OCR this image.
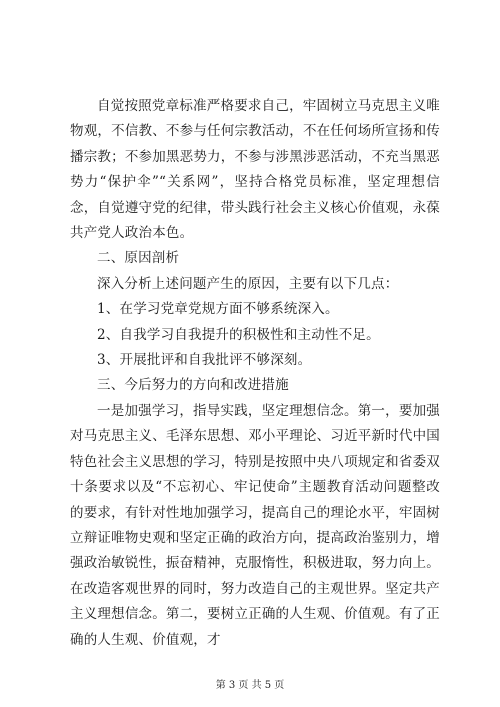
自觉按照党章标准严格要求自己，牢固树立马克思主义唯物观，不信教、不参与任何宗教活动，不在任何场所宣扬和传播宗教；不参加黑恶势力，不参与涉黑涉恶活动，不充当黑恶势力“保护伞”“关系网”，坚持合格党员标准，坚定理想信念，自觉遵守党的纪律，带头践行社会主义核心价值观，永葆共产党人政治本色。

二、原因剖析

深入分析上述问题产生的原因，主要有以下几点：

1、在学习党章党规方面不够系统深入。

2、自我学习自我提升的积极性和主动性不足。

3、开展批评和自我批评不够深刻。

三、今后努力的方向和改进措施

一是加强学习，指导实践，坚定理想信念。第一，要加强对马克思主义、毛泽东思想、邓小平理论、习近平新时代中国特色社会主义思想的学习，特别是按照中央八项规定和省委双十条要求以及“不忘初心、牢记使命”主题教育活动问题整改的要求，有针对性地加强学习，提高自己的理论水平，牢固树立辩证唯物史观和坚定正确的政治方向，提高政治鉴别力，增强政治敏锐性，振奋精神，克服惰性，积极进取，努力向上。在改造客观世界的同时，努力改造自己的主观世界。坚定共产主义理想信念。第二，要树立正确的人生观、价值观。有了正确的人生观、价值观，才

第 3 页 共 5 页
